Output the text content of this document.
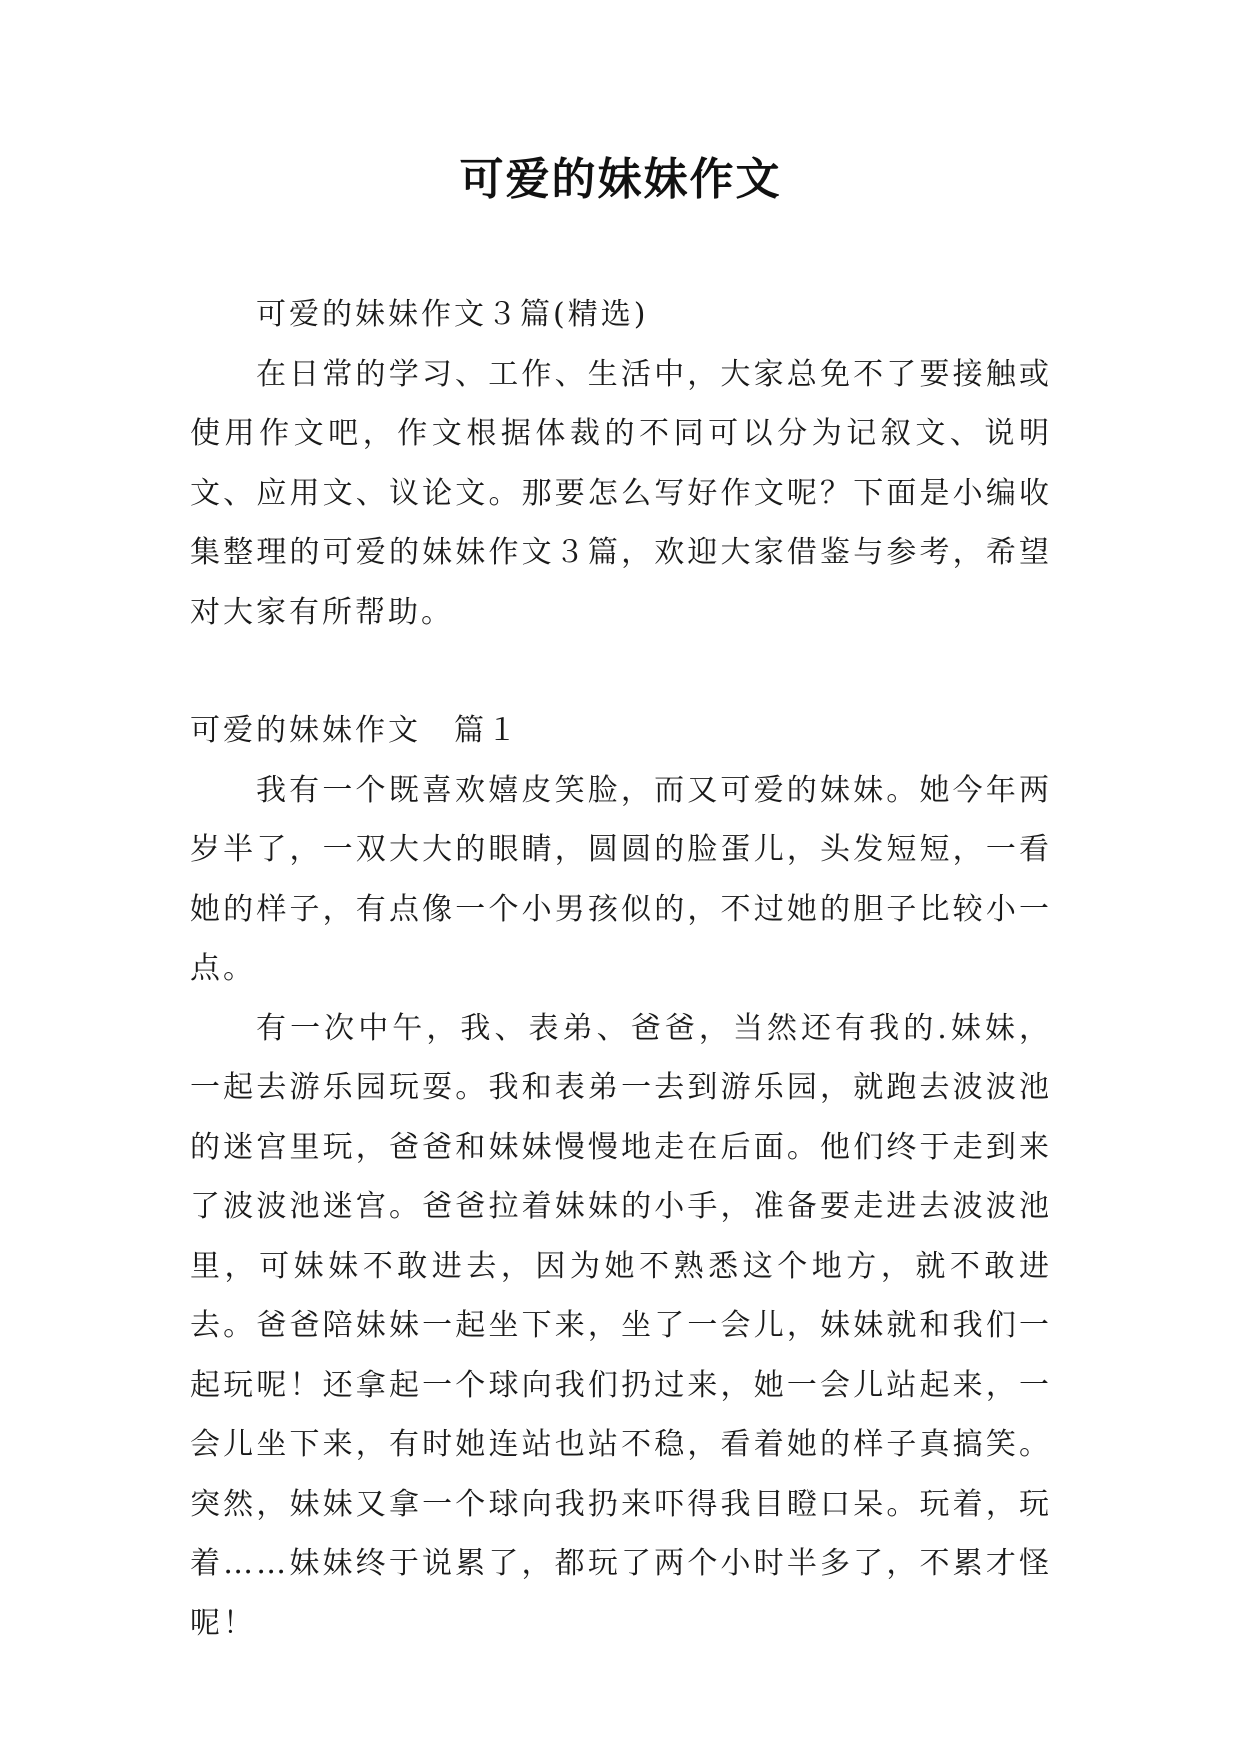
可爱的妹妹作文

可爱的妹妹作文３篇(精选)

在日常的学习、工作、生活中，大家总免不了要接触或使用作文吧，作文根据体裁的不同可以分为记叙文、说明文、应用文、议论文。那要怎么写好作文呢？下面是小编收集整理的可爱的妹妹作文３篇，欢迎大家借鉴与参考，希望对大家有所帮助。

可爱的妹妹作文　篇１

我有一个既喜欢嬉皮笑脸，而又可爱的妹妹。她今年两岁半了，一双大大的眼睛，圆圆的脸蛋儿，头发短短，一看她的样子，有点像一个小男孩似的，不过她的胆子比较小一点。

有一次中午，我、表弟、爸爸，当然还有我的.妹妹，一起去游乐园玩耍。我和表弟一去到游乐园，就跑去波波池的迷宫里玩，爸爸和妹妹慢慢地走在后面。他们终于走到来了波波池迷宫。爸爸拉着妹妹的小手，准备要走进去波波池里，可妹妹不敢进去，因为她不熟悉这个地方，就不敢进去。爸爸陪妹妹一起坐下来，坐了一会儿，妹妹就和我们一起玩呢！还拿起一个球向我们扔过来，她一会儿站起来，一会儿坐下来，有时她连站也站不稳，看着她的样子真搞笑。突然，妹妹又拿一个球向我扔来吓得我目瞪口呆。玩着，玩着……妹妹终于说累了，都玩了两个小时半多了，不累才怪呢！
